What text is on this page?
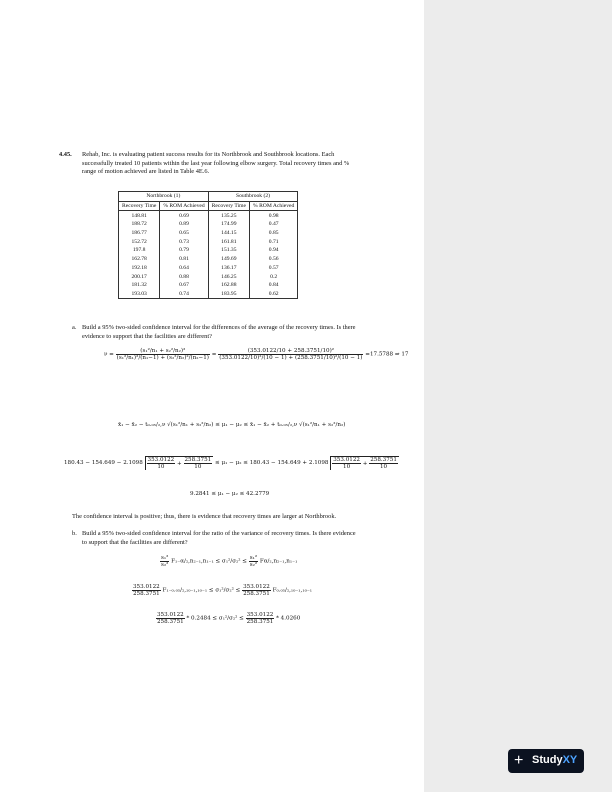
4.45. Rehab, Inc. is evaluating patient success results for its Northbrook and Southbrook locations. Each
successfully treated 10 patients within the last year following elbow surgery. Total recovery times and %
range of motion achieved are listed in Table 4E.6.
Northbrook (1)		Southbrook (2)	
Recovery Time	% ROM Achieved	Recovery Time	% ROM Achieved
148.81	0.69	135.25	0.98
188.72	0.89	174.99	0.47
186.77	0.65	144.15	0.85
152.72	0.73	161.81	0.71
197.8	0.79	151.35	0.94
162.78	0.81	149.69	0.56
192.18	0.64	136.17	0.57
200.17	0.88	146.25	0.2
181.32	0.67	162.88	0.84
193.03	0.74	183.95	0.62
a. Build a 95% two-sided confidence interval for the differences of the average of the recovery times. Is there
evidence to support that the facilities are different?
$\nu = \frac{\text{(s₁²/n₁ + s₂²/n₂)²}}{\text{(s₁²/n₁)²/(n₁−1) + (s₂²/n₂)²/(n₂−1)}} = \frac{\text{(353.0122/10 + 258.3751/10)²}}{\text{(353.0122/10)²/(10 − 1) + (258.3751/10)²/(10 − 1)}} =17.5788$ ⇒ 17
x̄₁ − x̄₂ − t₀.₀₅/₂,ν √(s₁²/n₁ + s₂²/n₂) ≤ μ₁ − μ₂ ≤ x̄₁ − x̄₂ + t₀.₀₅/₂,ν √(s₁²/n₁ + s₂²/n₂)
$180.43 - 154.649 - 2.1098 \frac{353.0122}{10} + \frac{258.3751}{10} \le \mu_1 - \mu_2 \le 180.43 - 154.649 + 2.1098 \frac{353.0122}{10} + \frac{258.3751}{10}$
9.2841 ≤ μ₁ − μ₂ ≤ 42.2779
The confidence interval is positive; thus, there is evidence that recovery times are larger at Northbrook.
b. Build a 95% two-sided confidence interval for the ratio of the variance of recovery times. Is there evidence
to support that the facilities are different?
$\frac{\text{s₁²}}{\text{s₂²}} F_{1-}\alpha/_2,n_{2-1},n_{1-1} \le \sigma_1^2/\sigma_2^2 \le \frac{\text{s₁²}}{\text{s₂²}} F\alpha/_2,n_{2-1},n_{1-1}$
$\frac{353.0122}{258.3751} F_{1-0}._{05}/_2,_{10-1},_{10-1} \le \sigma_1^2/\sigma_2^2 \le \frac{353.0122}{258.3751} F_0._{05}/_2,_{10-1},_{10-1}$
$\frac{353.0122}{258.3751} * 0.2484 \le \sigma_1^2/\sigma_2^2 \le \frac{353.0122}{258.3751} * 4.0260$
+ StudyXY
